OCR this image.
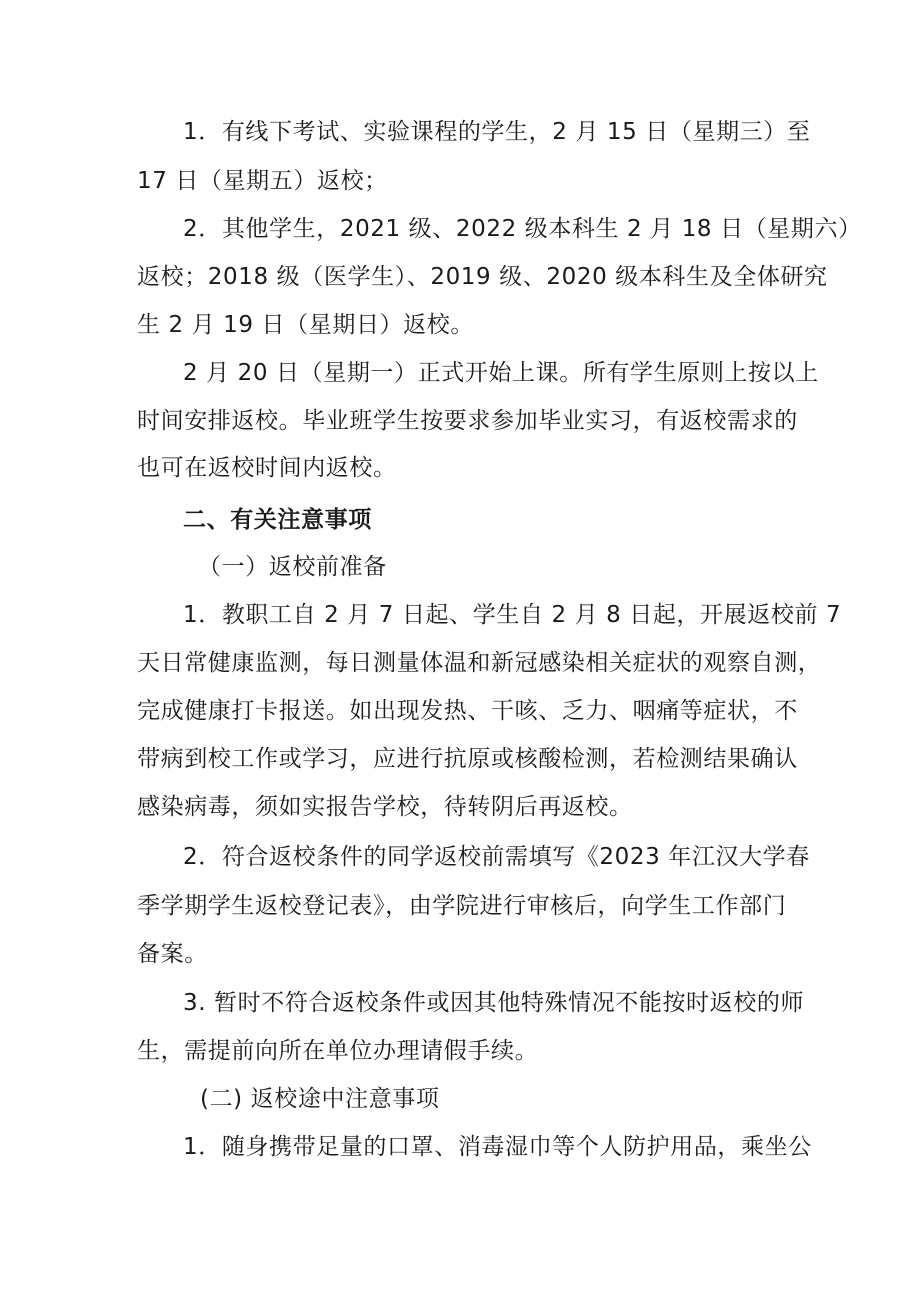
1．有线下考试、实验课程的学生，2 月 15 日（星期三）至
17 日（星期五）返校；
2．其他学生，2021 级、2022 级本科生 2 月 18 日（星期六）
返校；2018 级（医学生）、2019 级、2020 级本科生及全体研究
生 2 月 19 日（星期日）返校。
2 月 20 日（星期一）正式开始上课。所有学生原则上按以上
时间安排返校。毕业班学生按要求参加毕业实习，有返校需求的
也可在返校时间内返校。
二、有关注意事项
（一）返校前准备
1．教职工自 2 月 7 日起、学生自 2 月 8 日起，开展返校前 7
天日常健康监测，每日测量体温和新冠感染相关症状的观察自测，
完成健康打卡报送。如出现发热、干咳、乏力、咽痛等症状，不
带病到校工作或学习，应进行抗原或核酸检测，若检测结果确认
感染病毒，须如实报告学校，待转阴后再返校。
2．符合返校条件的同学返校前需填写《2023 年江汉大学春
季学期学生返校登记表》，由学院进行审核后，向学生工作部门
备案。
3. 暂时不符合返校条件或因其他特殊情况不能按时返校的师
生，需提前向所在单位办理请假手续。
(二) 返校途中注意事项
1．随身携带足量的口罩、消毒湿巾等个人防护用品，乘坐公
